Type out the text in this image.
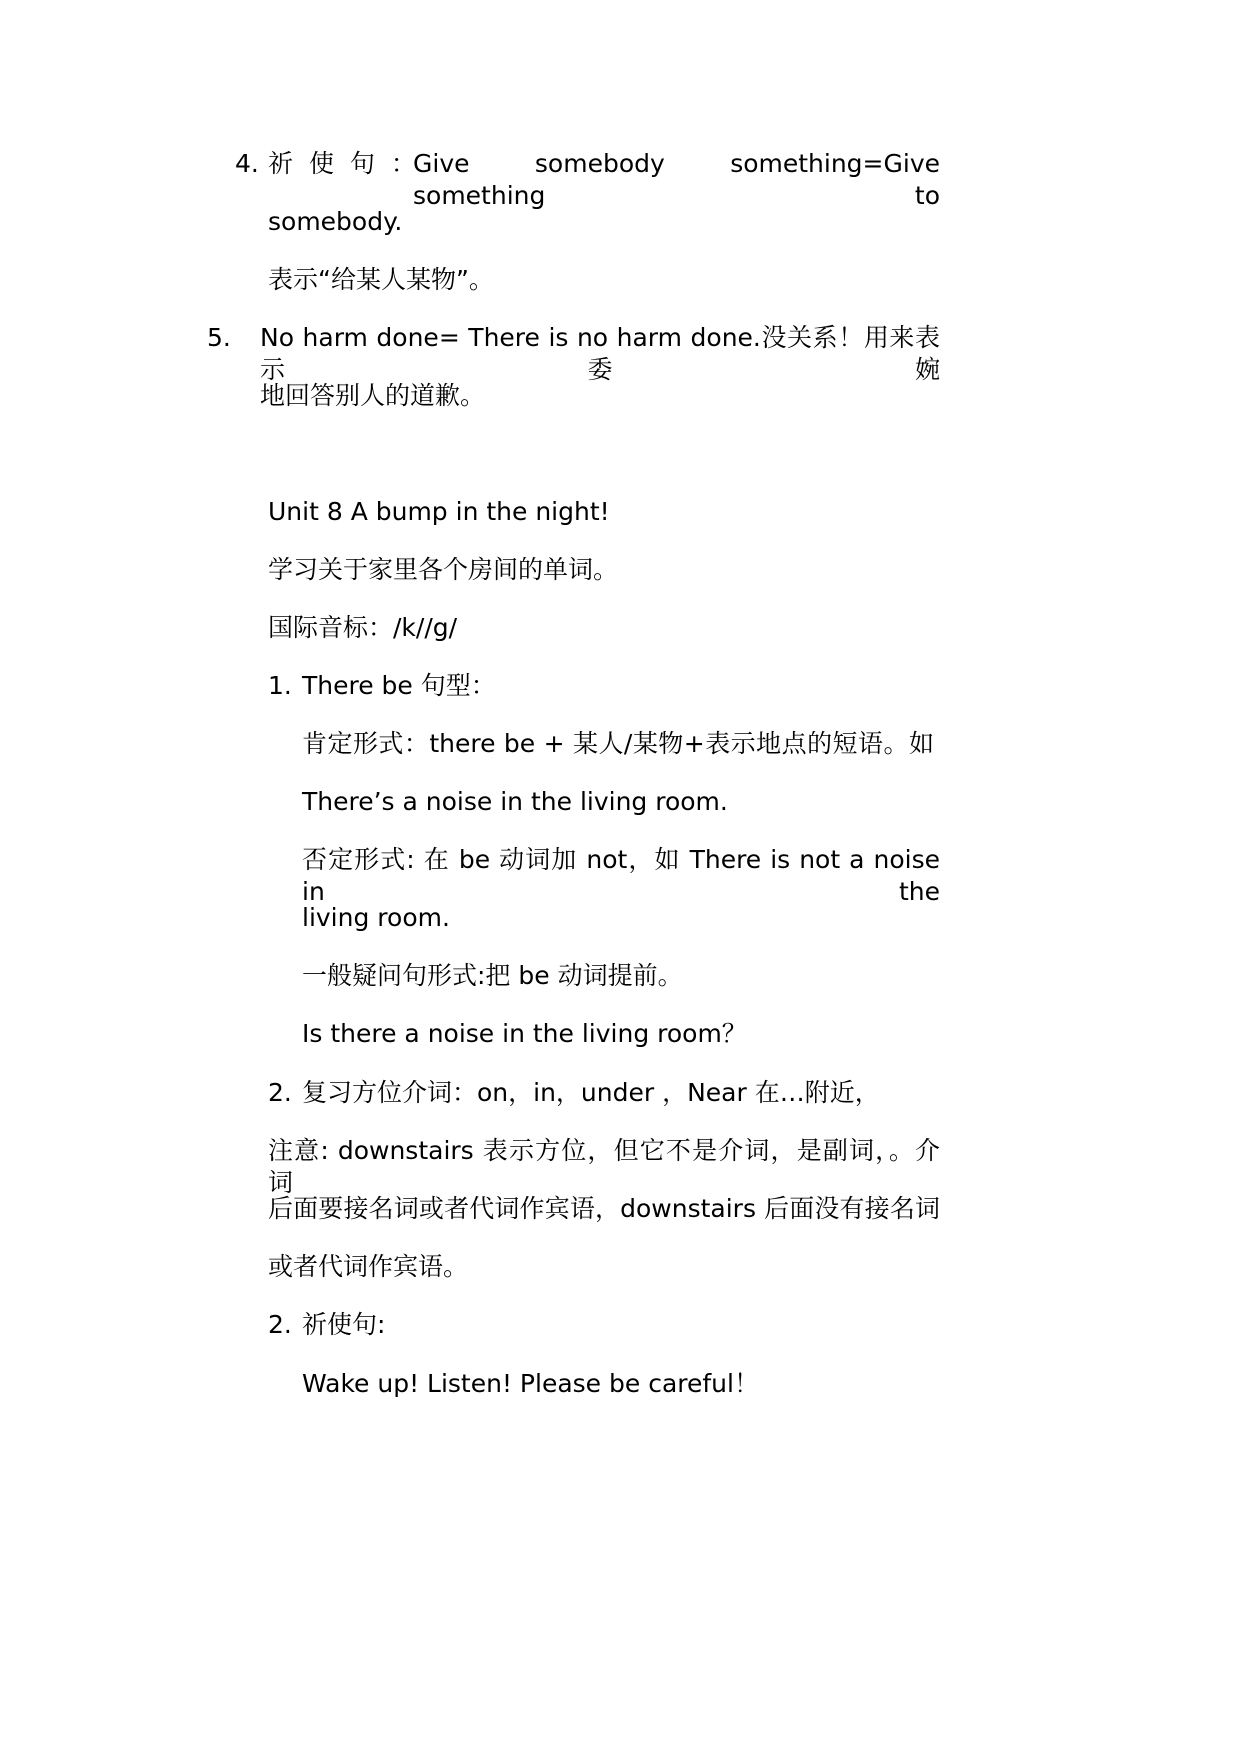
4. 祈 使 句 ：
Give somebody something=Give something to
somebody.
表示“给某人某物”。
5. No harm done= There is no harm done.没关系！用来表示委婉
地回答别人的道歉。
Unit 8 A bump in the night!
学习关于家里各个房间的单词。
国际音标：/k//g/
1. There be 句型：
肯定形式：there be + 某人/某物+表示地点的短语。如
There’s a noise in the living room.
否定形式: 在 be 动词加 not，如 There is not a noise in the
living room.
一般疑问句形式:把 be 动词提前。
Is there a noise in the living room？
2. 复习方位介词：on，in，under ，Near 在…附近，
注意: downstairs 表示方位，但它不是介词，是副词，。介词
后面要接名词或者代词作宾语，downstairs 后面没有接名词
或者代词作宾语。
2. 祈使句:
Wake up! Listen! Please be careful！
